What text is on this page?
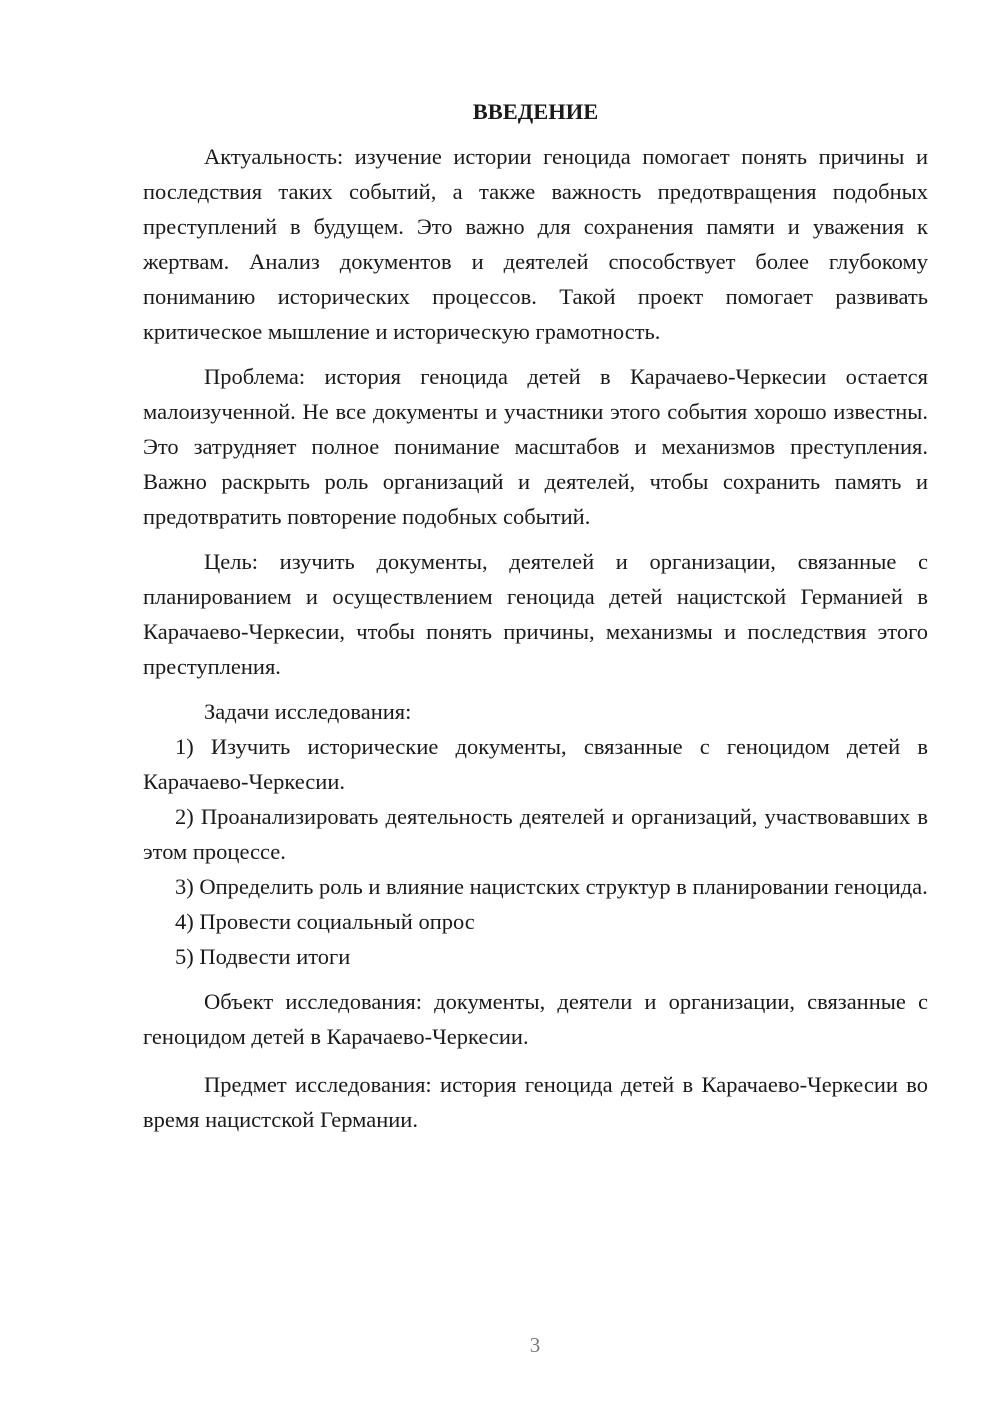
ВВЕДЕНИЕ

Актуальность: изучение истории геноцида помогает понять причины и последствия таких событий, а также важность предотвращения подобных преступлений в будущем. Это важно для сохранения памяти и уважения к жертвам. Анализ документов и деятелей способствует более глубокому пониманию исторических процессов. Такой проект помогает развивать критическое мышление и историческую грамотность.

Проблема: история геноцида детей в Карачаево-Черкесии остается малоизученной. Не все документы и участники этого события хорошо известны. Это затрудняет полное понимание масштабов и механизмов преступления. Важно раскрыть роль организаций и деятелей, чтобы сохранить память и предотвратить повторение подобных событий.

Цель: изучить документы, деятелей и организации, связанные с планированием и осуществлением геноцида детей нацистской Германией в Карачаево-Черкесии, чтобы понять причины, механизмы и последствия этого преступления.

Задачи исследования:

1) Изучить исторические документы, связанные с геноцидом детей в Карачаево-Черкесии.

2) Проанализировать деятельность деятелей и организаций, участвовавших в этом процессе.

3) Определить роль и влияние нацистских структур в планировании геноцида.

4) Провести социальный опрос

5) Подвести итоги

Объект исследования: документы, деятели и организации, связанные с геноцидом детей в Карачаево-Черкесии.

Предмет исследования: история геноцида детей в Карачаево-Черкесии во время нацистской Германии.

3
